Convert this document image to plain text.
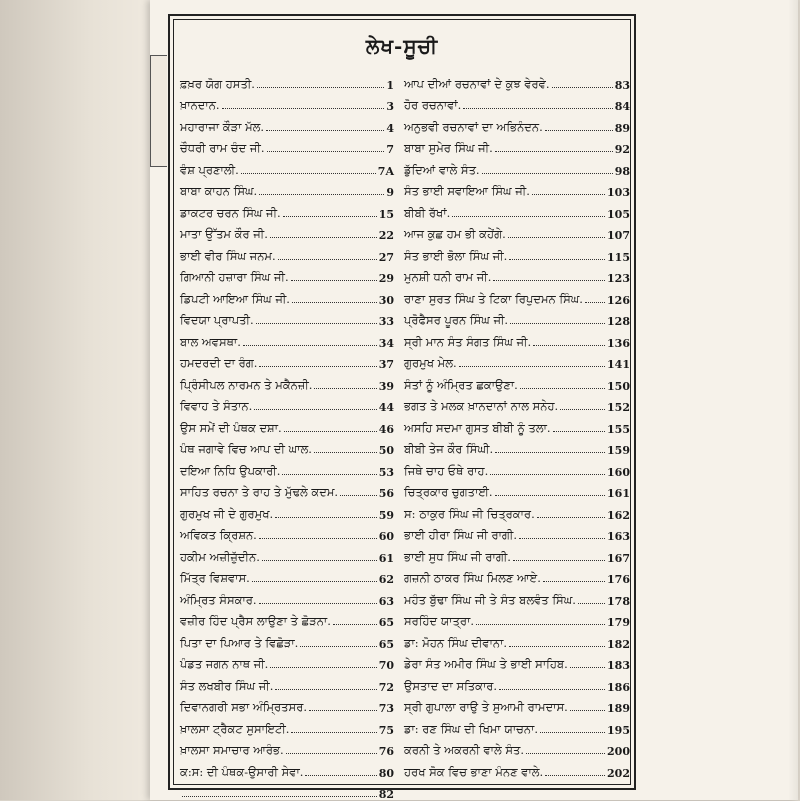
ਲੇਖ-ਸੂਚੀ
ਫ਼ਖ਼ਰ ਯੋਗ ਹਸਤੀ.	1
ਖ਼ਾਨਦਾਨ.	3
ਮਹਾਰਾਜਾ ਕੌੜਾ ਮੱਲ.	4
ਚੌਧਰੀ ਰਾਮ ਚੰਦ ਜੀ.	7
ਵੰਸ਼ ਪ੍ਰਣਾਲੀ.	7A
ਬਾਬਾ ਕਾਹਨ ਸਿੰਘ.	9
ਡਾਕਟਰ ਚਰਨ ਸਿੰਘ ਜੀ.	15
ਮਾਤਾ ਉੱਤਮ ਕੌਰ ਜੀ.	22
ਭਾਈ ਵੀਰ ਸਿੰਘ ਜਨਮ.	27
ਗਿਆਨੀ ਹਜ਼ਾਰਾ ਸਿੰਘ ਜੀ.	29
ਡਿਪਟੀ ਆਇਆ ਸਿੰਘ ਜੀ.	30
ਵਿਦਯਾ ਪ੍ਰਾਪਤੀ.	33
ਬਾਲ ਅਵਸਥਾ.	34
ਹਮਦਰਦੀ ਦਾ ਰੰਗ.	37
ਪ੍ਰਿੰਸੀਪਲ ਨਾਰਮਨ ਤੇ ਮਕੈਨਜ਼ੀ.	39
ਵਿਵਾਹ ਤੇ ਸੰਤਾਨ.	44
ਉਸ ਸਮੇਂ ਦੀ ਪੰਥਕ ਦਸ਼ਾ.	46
ਪੰਥ ਜਗਾਵੇ ਵਿਚ ਆਪ ਦੀ ਘਾਲ.	50
ਦਇਆ ਨਿਧਿ ਉਪਕਾਰੀ.	53
ਸਾਹਿਤ ਰਚਨਾ ਤੇ ਰਾਹ ਤੇ ਮੁੱਢਲੇ ਕਦਮ.	56
ਗੁਰਮੁਖ ਜੀ ਦੇ ਗੁਰਮੁਖ.	59
ਅਵਿਕਤ ਕ੍ਰਿਸ਼ਨ.	60
ਹਕੀਮ ਅਜ਼ੀਜ਼ੁੱਦੀਨ.	61
ਮਿੱਤ੍ਰ ਵਿਸ਼ਵਾਸ.	62
ਅੰਮ੍ਰਿਤ ਸੰਸਕਾਰ.	63
ਵਜ਼ੀਰ ਹਿੰਦ ਪ੍ਰੈਸ ਲਾਉਣਾ ਤੇ ਛੋੜਨਾ.	65
ਪਿਤਾ ਦਾ ਪਿਆਰ ਤੇ ਵਿਛੋੜਾ.	65
ਪੰਡਤ ਜਗਨ ਨਾਥ ਜੀ.	70
ਸੰਤ ਲਖਬੀਰ ਸਿੰਘ ਜੀ.	72
ਦਿਵਾਨਗਰੀ ਸਭਾ ਅੰਮ੍ਰਿਤਸਰ.	73
ਖ਼ਾਲਸਾ ਟ੍ਰੈਕਟ ਸੁਸਾਇਟੀ.	75
ਖ਼ਾਲਸਾ ਸਮਾਚਾਰ ਆਰੰਭ.	76
ਕ:ਸ: ਦੀ ਪੰਥਕ-ਉਸਾਰੀ ਸੇਵਾ.	80
82
ਆਪ ਦੀਆਂ ਰਚਨਾਵਾਂ ਦੇ ਕੁਝ ਵੇਰਵੇ.	83
ਹੋਰ ਰਚਨਾਵਾਂ.	84
ਅਨੁਭਵੀ ਰਚਨਾਵਾਂ ਦਾ ਅਭਿਨੰਦਨ.	89
ਬਾਬਾ ਸੁਮੇਰ ਸਿੰਘ ਜੀ.	92
ਡੁੱਦਿਆਂ ਵਾਲੇ ਸੰਤ.	98
ਸੰਤ ਭਾਈ ਸਵਾਇਆ ਸਿੰਘ ਜੀ.	103
ਬੀਬੀ ਰੱਖਾਂ.	105
ਆਜ ਕੁਛ ਹਮ ਭੀ ਕਹੇਂਗੇ.	107
ਸੰਤ ਭਾਈ ਭੋਲਾ ਸਿੰਘ ਜੀ.	115
ਮੁਨਸ਼ੀ ਧਨੀ ਰਾਮ ਜੀ.	123
ਰਾਣਾ ਸੁਰਤ ਸਿੰਘ ਤੇ ਟਿਕਾ ਰਿਪੁਦਮਨ ਸਿੰਘ. 126
ਪ੍ਰੋਫੈਸਰ ਪੂਰਨ ਸਿੰਘ ਜੀ.	128
ਸ੍ਰੀ ਮਾਨ ਸੰਤ ਸੰਗਤ ਸਿੰਘ ਜੀ.	136
ਗੁਰਮੁਖ ਮੇਲ.	141
ਸੰਤਾਂ ਨੂੰ ਅੰਮ੍ਰਿਤ ਛਕਾਉਣਾ.	150
ਭਗਤ ਤੇ ਮਲਕ ਖ਼ਾਨਦਾਨਾਂ ਨਾਲ ਸਨੇਹ.	152
ਅਸਹਿ ਸਦਮਾ ਗੁਸਤ ਬੀਬੀ ਨੂੰ ਤਲਾ.	155
ਬੀਬੀ ਤੇਜ ਕੌਰ ਸਿੰਘੀ.	159
ਜਿਥੇ ਚਾਹ ਓਥੇ ਰਾਹ.	160
ਚਿਤ੍ਰਕਾਰ ਚੁਗਤਾਈ.	161
ਸ: ਠਾਕੁਰ ਸਿੰਘ ਜੀ ਚਿਤ੍ਰਕਾਰ.	162
ਭਾਈ ਹੀਰਾ ਸਿੰਘ ਜੀ ਰਾਗੀ.	163
ਭਾਈ ਸੁਧ ਸਿੰਘ ਜੀ ਰਾਗੀ.	167
ਗਜ਼ਨੀ ਠਾਕਰ ਸਿੰਘ ਮਿਲਣ ਆਏ.	176
ਮਹੰਤ ਬੁੱਢਾ ਸਿੰਘ ਜੀ ਤੇ ਸੰਤ ਬਲਵੰਤ ਸਿੰਘ.	178
ਸਰਹਿੰਦ ਯਾਤ੍ਰਾ.	179
ਡਾ: ਮੋਹਨ ਸਿੰਘ ਦੀਵਾਨਾ.	182
ਡੇਰਾ ਸੰਤ ਅਮੀਰ ਸਿੰਘ ਤੇ ਭਾਈ ਸਾਹਿਬ.	183
ਉਸਤਾਦ ਦਾ ਸਤਿਕਾਰ.	186
ਸ੍ਰੀ ਗੁਪਾਲਾ ਰਾਉ ਤੇ ਸੁਆਮੀ ਰਾਮਦਾਸ.	189
ਡਾ: ਰਣ ਸਿੰਘ ਦੀ ਖਿਮਾ ਯਾਚਨਾ.	195
ਕਰਨੀ ਤੇ ਅਕਰਨੀ ਵਾਲੇ ਸੰਤ.	200
ਹਰਖ ਸੋਕ ਵਿਚ ਭਾਣਾ ਮੰਨਣ ਵਾਲੇ.	202
